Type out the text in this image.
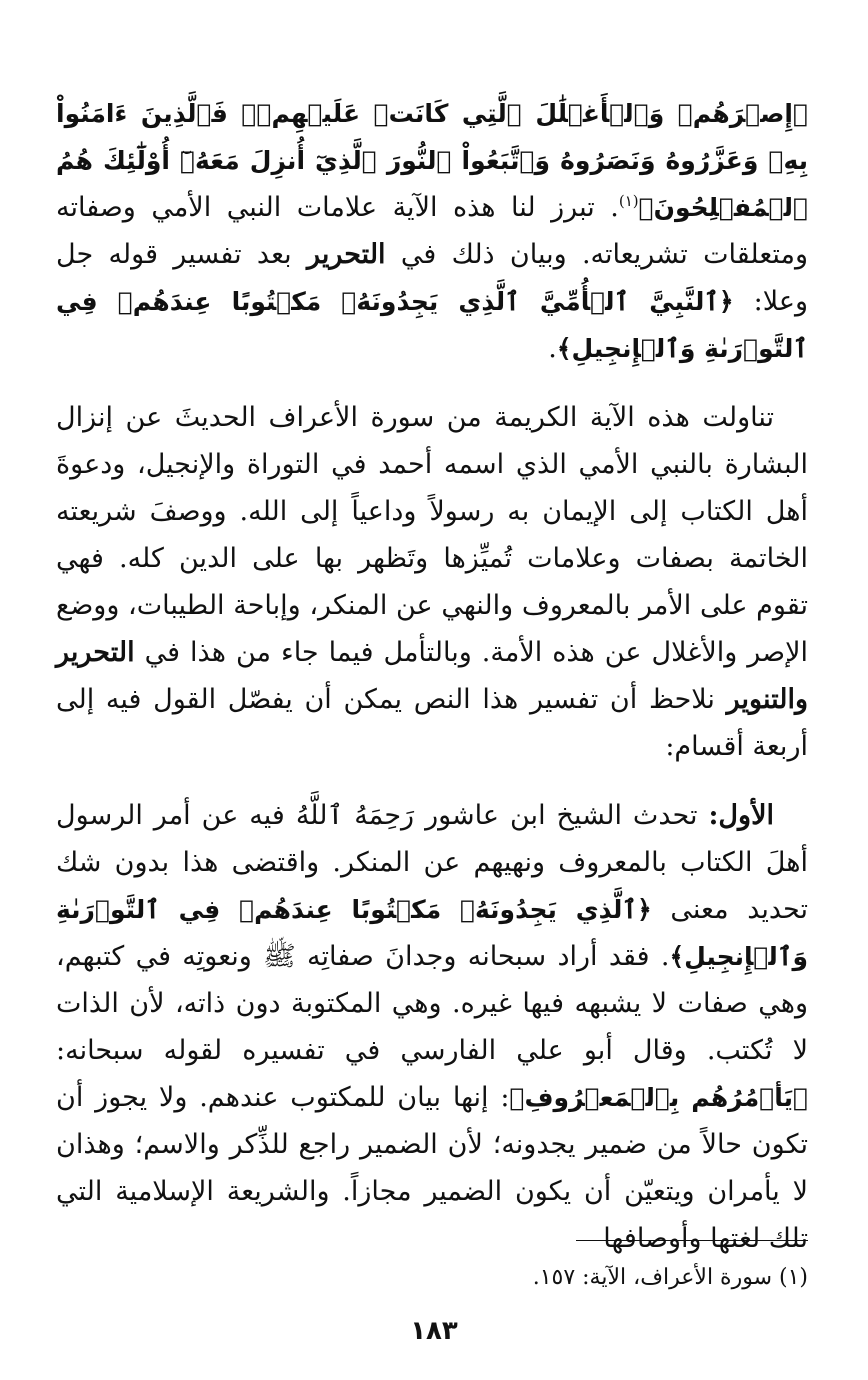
﴿إِصۡرَهُمۡ وَٱلۡأَغۡلَٰلَ ٱلَّتِي كَانَتۡ عَلَيۡهِمۡۚ فَٱلَّذِينَ ءَامَنُواْ بِهِۦ وَعَزَّرُوهُ وَنَصَرُوهُ وَٱتَّبَعُواْ ٱلنُّورَ ٱلَّذِيٓ أُنزِلَ مَعَهُۥٓ أُوْلَٰٓئِكَ هُمُ ٱلۡمُفۡلِحُونَ﴾$^{(١)}$. تبرز لنا هذه الآية علامات النبي الأمي وصفاته ومتعلقات تشريعاته. وبيان ذلك في التحرير بعد تفسير قوله جل وعلا: ﴿ٱلنَّبِيَّ ٱلۡأُمِّيَّ ٱلَّذِي يَجِدُونَهُۥ مَكۡتُوبًا عِندَهُمۡ فِي ٱلتَّوۡرَىٰةِ وَٱلۡإِنجِيلِ﴾.

تناولت هذه الآية الكريمة من سورة الأعراف الحديثَ عن إنزال البشارة بالنبي الأمي الذي اسمه أحمد في التوراة والإنجيل، ودعوةَ أهل الكتاب إلى الإيمان به رسولاً وداعياً إلى الله. ووصفَ شريعته الخاتمة بصفات وعلامات تُميِّزها وتَظهر بها على الدين كله. فهي تقوم على الأمر بالمعروف والنهي عن المنكر، وإباحة الطيبات، ووضع الإصر والأغلال عن هذه الأمة. وبالتأمل فيما جاء من هذا في التحرير والتنوير نلاحظ أن تفسير هذا النص يمكن أن يفصّل القول فيه إلى أربعة أقسام:

الأول: تحدث الشيخ ابن عاشور رَحِمَهُ ٱللَّهُ فيه عن أمر الرسول أهلَ الكتاب بالمعروف ونهيهم عن المنكر. واقتضى هذا بدون شك تحديد معنى ﴿ٱلَّذِي يَجِدُونَهُۥ مَكۡتُوبًا عِندَهُمۡ فِي ٱلتَّوۡرَىٰةِ وَٱلۡإِنجِيلِ﴾. فقد أراد سبحانه وجدانَ صفاتِه ﷺ ونعوتِه في كتبهم، وهي صفات لا يشبهه فيها غيره. وهي المكتوبة دون ذاته، لأن الذات لا تُكتب. وقال أبو علي الفارسي في تفسيره لقوله سبحانه: ﴿يَأۡمُرُهُم بِٱلۡمَعۡرُوفِ﴾: إنها بيان للمكتوب عندهم. ولا يجوز أن تكون حالاً من ضمير يجدونه؛ لأن الضمير راجع للذِّكر والاسم؛ وهذان لا يأمران ويتعيّن أن يكون الضمير مجازاً. والشريعة الإسلامية التي تلك لغتها وأوصافها

(١) سورة الأعراف، الآية: ١٥٧.

١٨٣
